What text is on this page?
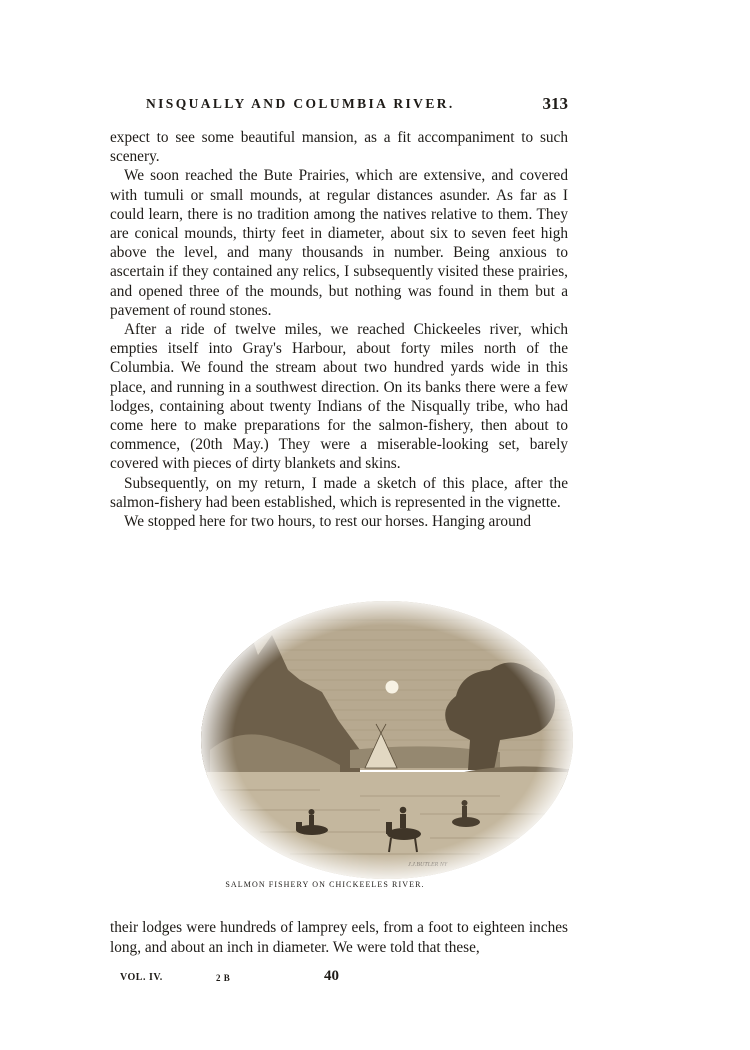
NISQUALLY AND COLUMBIA RIVER.	313

expect to see some beautiful mansion, as a fit accompaniment to such scenery.

We soon reached the Bute Prairies, which are extensive, and covered with tumuli or small mounds, at regular distances asunder. As far as I could learn, there is no tradition among the natives relative to them. They are conical mounds, thirty feet in diameter, about six to seven feet high above the level, and many thousands in number. Being anxious to ascertain if they contained any relics, I subsequently visited these prairies, and opened three of the mounds, but nothing was found in them but a pavement of round stones.

After a ride of twelve miles, we reached Chickeeles river, which empties itself into Gray's Harbour, about forty miles north of the Columbia. We found the stream about two hundred yards wide in this place, and running in a southwest direction. On its banks there were a few lodges, containing about twenty Indians of the Nisqually tribe, who had come here to make preparations for the salmon-fishery, then about to commence, (20th May.) They were a miserable-looking set, barely covered with pieces of dirty blankets and skins.

Subsequently, on my return, I made a sketch of this place, after the salmon-fishery had been established, which is represented in the vignette.

We stopped here for two hours, to rest our horses. Hanging around

SALMON FISHERY ON CHICKEELES RIVER.

their lodges were hundreds of lamprey eels, from a foot to eighteen inches long, and about an inch in diameter. We were told that these,

VOL. IV.	2 B	40
